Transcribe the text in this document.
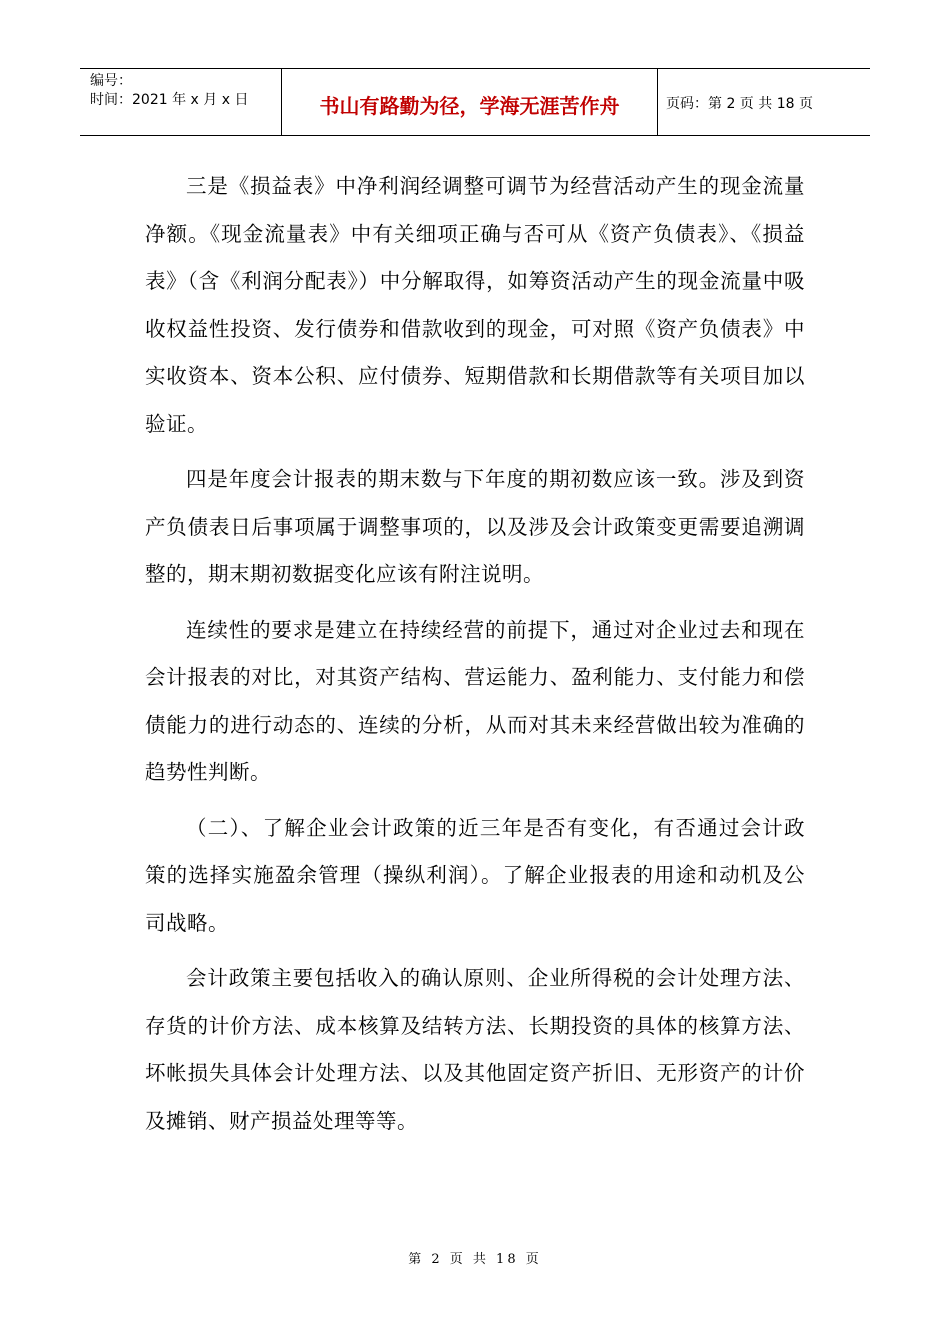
编号：
时间：2021 年 x 月 x 日	书山有路勤为径，学海无涯苦作舟	页码：第 2 页 共 18 页

三是《损益表》中净利润经调整可调节为经营活动产生的现金流量净额。《现金流量表》中有关细项正确与否可从《资产负债表》、《损益表》（含《利润分配表》）中分解取得，如筹资活动产生的现金流量中吸收权益性投资、发行债券和借款收到的现金，可对照《资产负债表》中实收资本、资本公积、应付债券、短期借款和长期借款等有关项目加以验证。

四是年度会计报表的期末数与下年度的期初数应该一致。涉及到资产负债表日后事项属于调整事项的，以及涉及会计政策变更需要追溯调整的，期末期初数据变化应该有附注说明。

连续性的要求是建立在持续经营的前提下，通过对企业过去和现在会计报表的对比，对其资产结构、营运能力、盈利能力、支付能力和偿债能力的进行动态的、连续的分析，从而对其未来经营做出较为准确的趋势性判断。

（二）、了解企业会计政策的近三年是否有变化，有否通过会计政策的选择实施盈余管理（操纵利润）。了解企业报表的用途和动机及公司战略。

会计政策主要包括收入的确认原则、企业所得税的会计处理方法、存货的计价方法、成本核算及结转方法、长期投资的具体的核算方法、坏帐损失具体会计处理方法、以及其他固定资产折旧、无形资产的计价及摊销、财产损益处理等等。

第 2 页 共 18 页
